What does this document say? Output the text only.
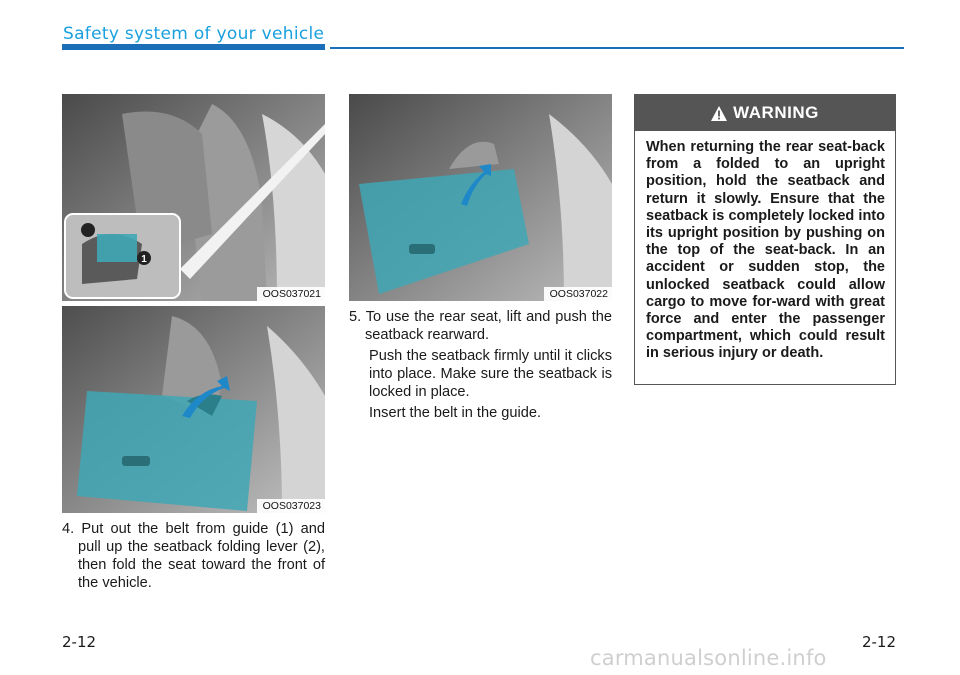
Safety system of your vehicle
1
OOS037021
OOS037023
OOS037022

4. Put out the belt from guide (1) and pull up the seatback folding lever (2), then fold the seat toward the front of the vehicle.

5. To use the rear seat, lift and push the seatback rearward.

Push the seatback firmly until it clicks into place. Make sure the seatback is locked in place.

Insert the belt in the guide.

WARNING
When returning the rear seat-back from a folded to an upright position, hold the seatback and return it slowly. Ensure that the seatback is completely locked into its upright position by pushing on the top of the seat-back. In an accident or sudden stop, the unlocked seatback could allow cargo to move for-ward with great force and enter the passenger compartment, which could result in serious injury or death.
2-12	2-12
carmanualsonline.info
